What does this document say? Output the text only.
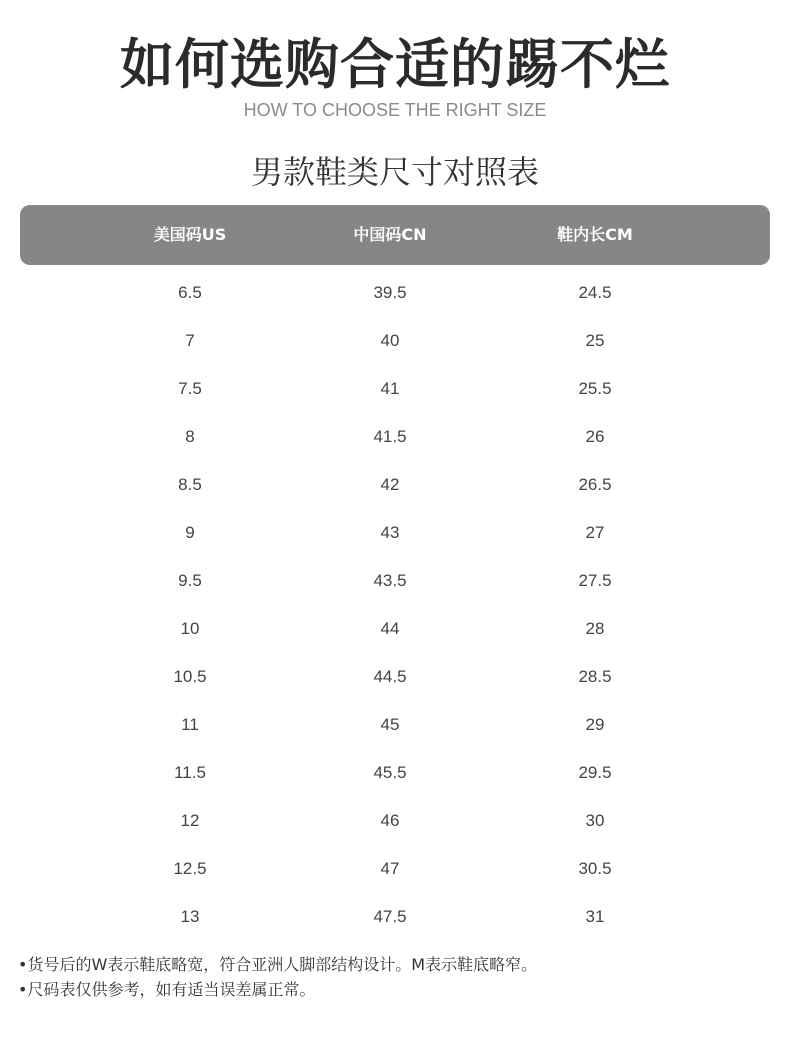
如何选购合适的踢不烂
HOW TO CHOOSE THE RIGHT SIZE
男款鞋类尺寸对照表
美国码US	中国码CN	鞋内长CM
6.5	39.5	24.5
7	40	25
7.5	41	25.5
8	41.5	26
8.5	42	26.5
9	43	27
9.5	43.5	27.5
10	44	28
10.5	44.5	28.5
11	45	29
11.5	45.5	29.5
12	46	30
12.5	47	30.5
13	47.5	31
•货号后的W表示鞋底略宽，符合亚洲人脚部结构设计。M表示鞋底略窄。
•尺码表仅供参考，如有适当误差属正常。
